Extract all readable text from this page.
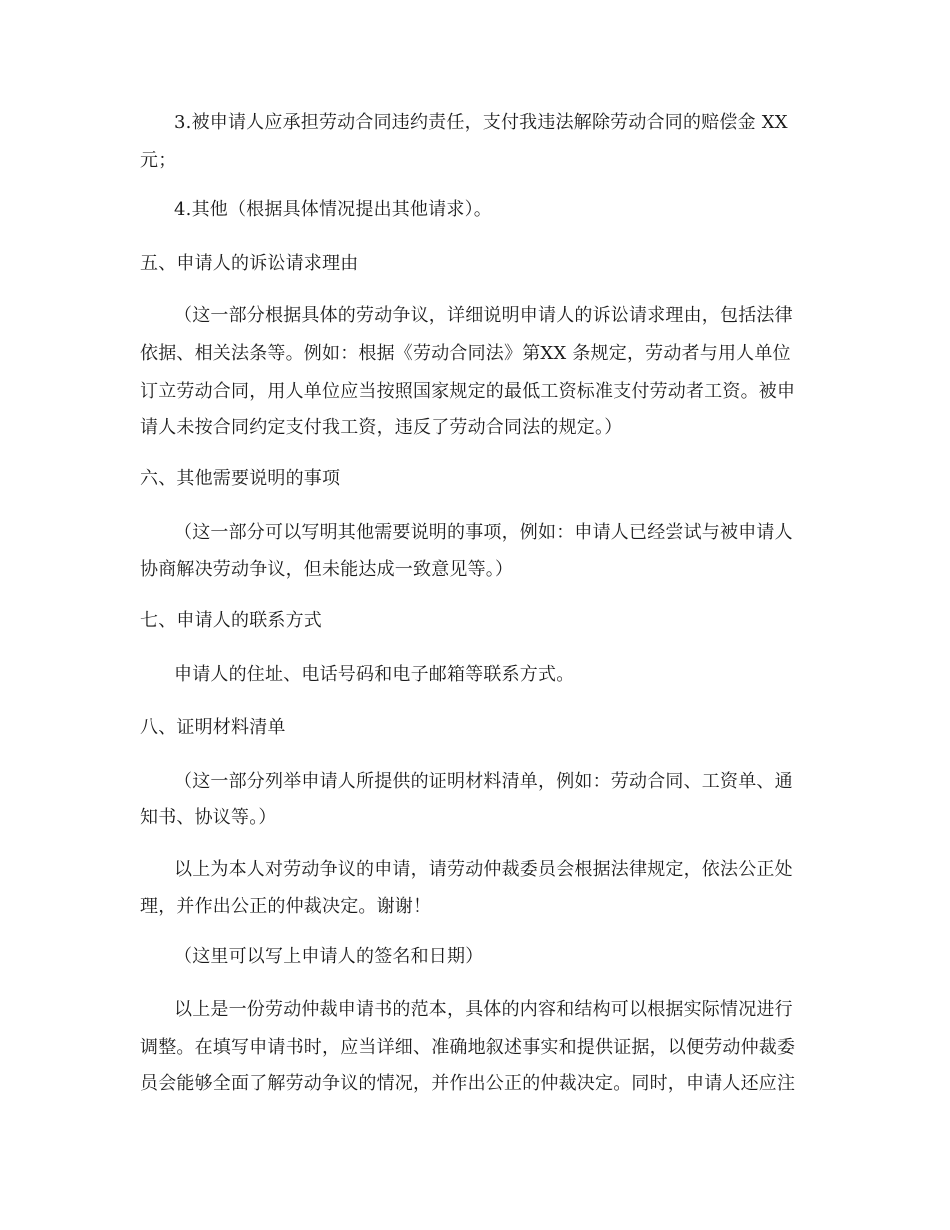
3.被申请人应承担劳动合同违约责任，支付我违法解除劳动合同的赔偿金 XX
元；
4.其他（根据具体情况提出其他请求）。
五、申请人的诉讼请求理由
（这一部分根据具体的劳动争议，详细说明申请人的诉讼请求理由，包括法律
依据、相关法条等。例如：根据《劳动合同法》第XX 条规定，劳动者与用人单位
订立劳动合同，用人单位应当按照国家规定的最低工资标准支付劳动者工资。被申
请人未按合同约定支付我工资，违反了劳动合同法的规定。）
六、其他需要说明的事项
（这一部分可以写明其他需要说明的事项，例如：申请人已经尝试与被申请人
协商解决劳动争议，但未能达成一致意见等。）
七、申请人的联系方式
申请人的住址、电话号码和电子邮箱等联系方式。
八、证明材料清单
（这一部分列举申请人所提供的证明材料清单，例如：劳动合同、工资单、通
知书、协议等。）
以上为本人对劳动争议的申请，请劳动仲裁委员会根据法律规定，依法公正处
理，并作出公正的仲裁决定。谢谢！
（这里可以写上申请人的签名和日期）
以上是一份劳动仲裁申请书的范本，具体的内容和结构可以根据实际情况进行
调整。在填写申请书时，应当详细、准确地叙述事实和提供证据，以便劳动仲裁委
员会能够全面了解劳动争议的情况，并作出公正的仲裁决定。同时，申请人还应注
